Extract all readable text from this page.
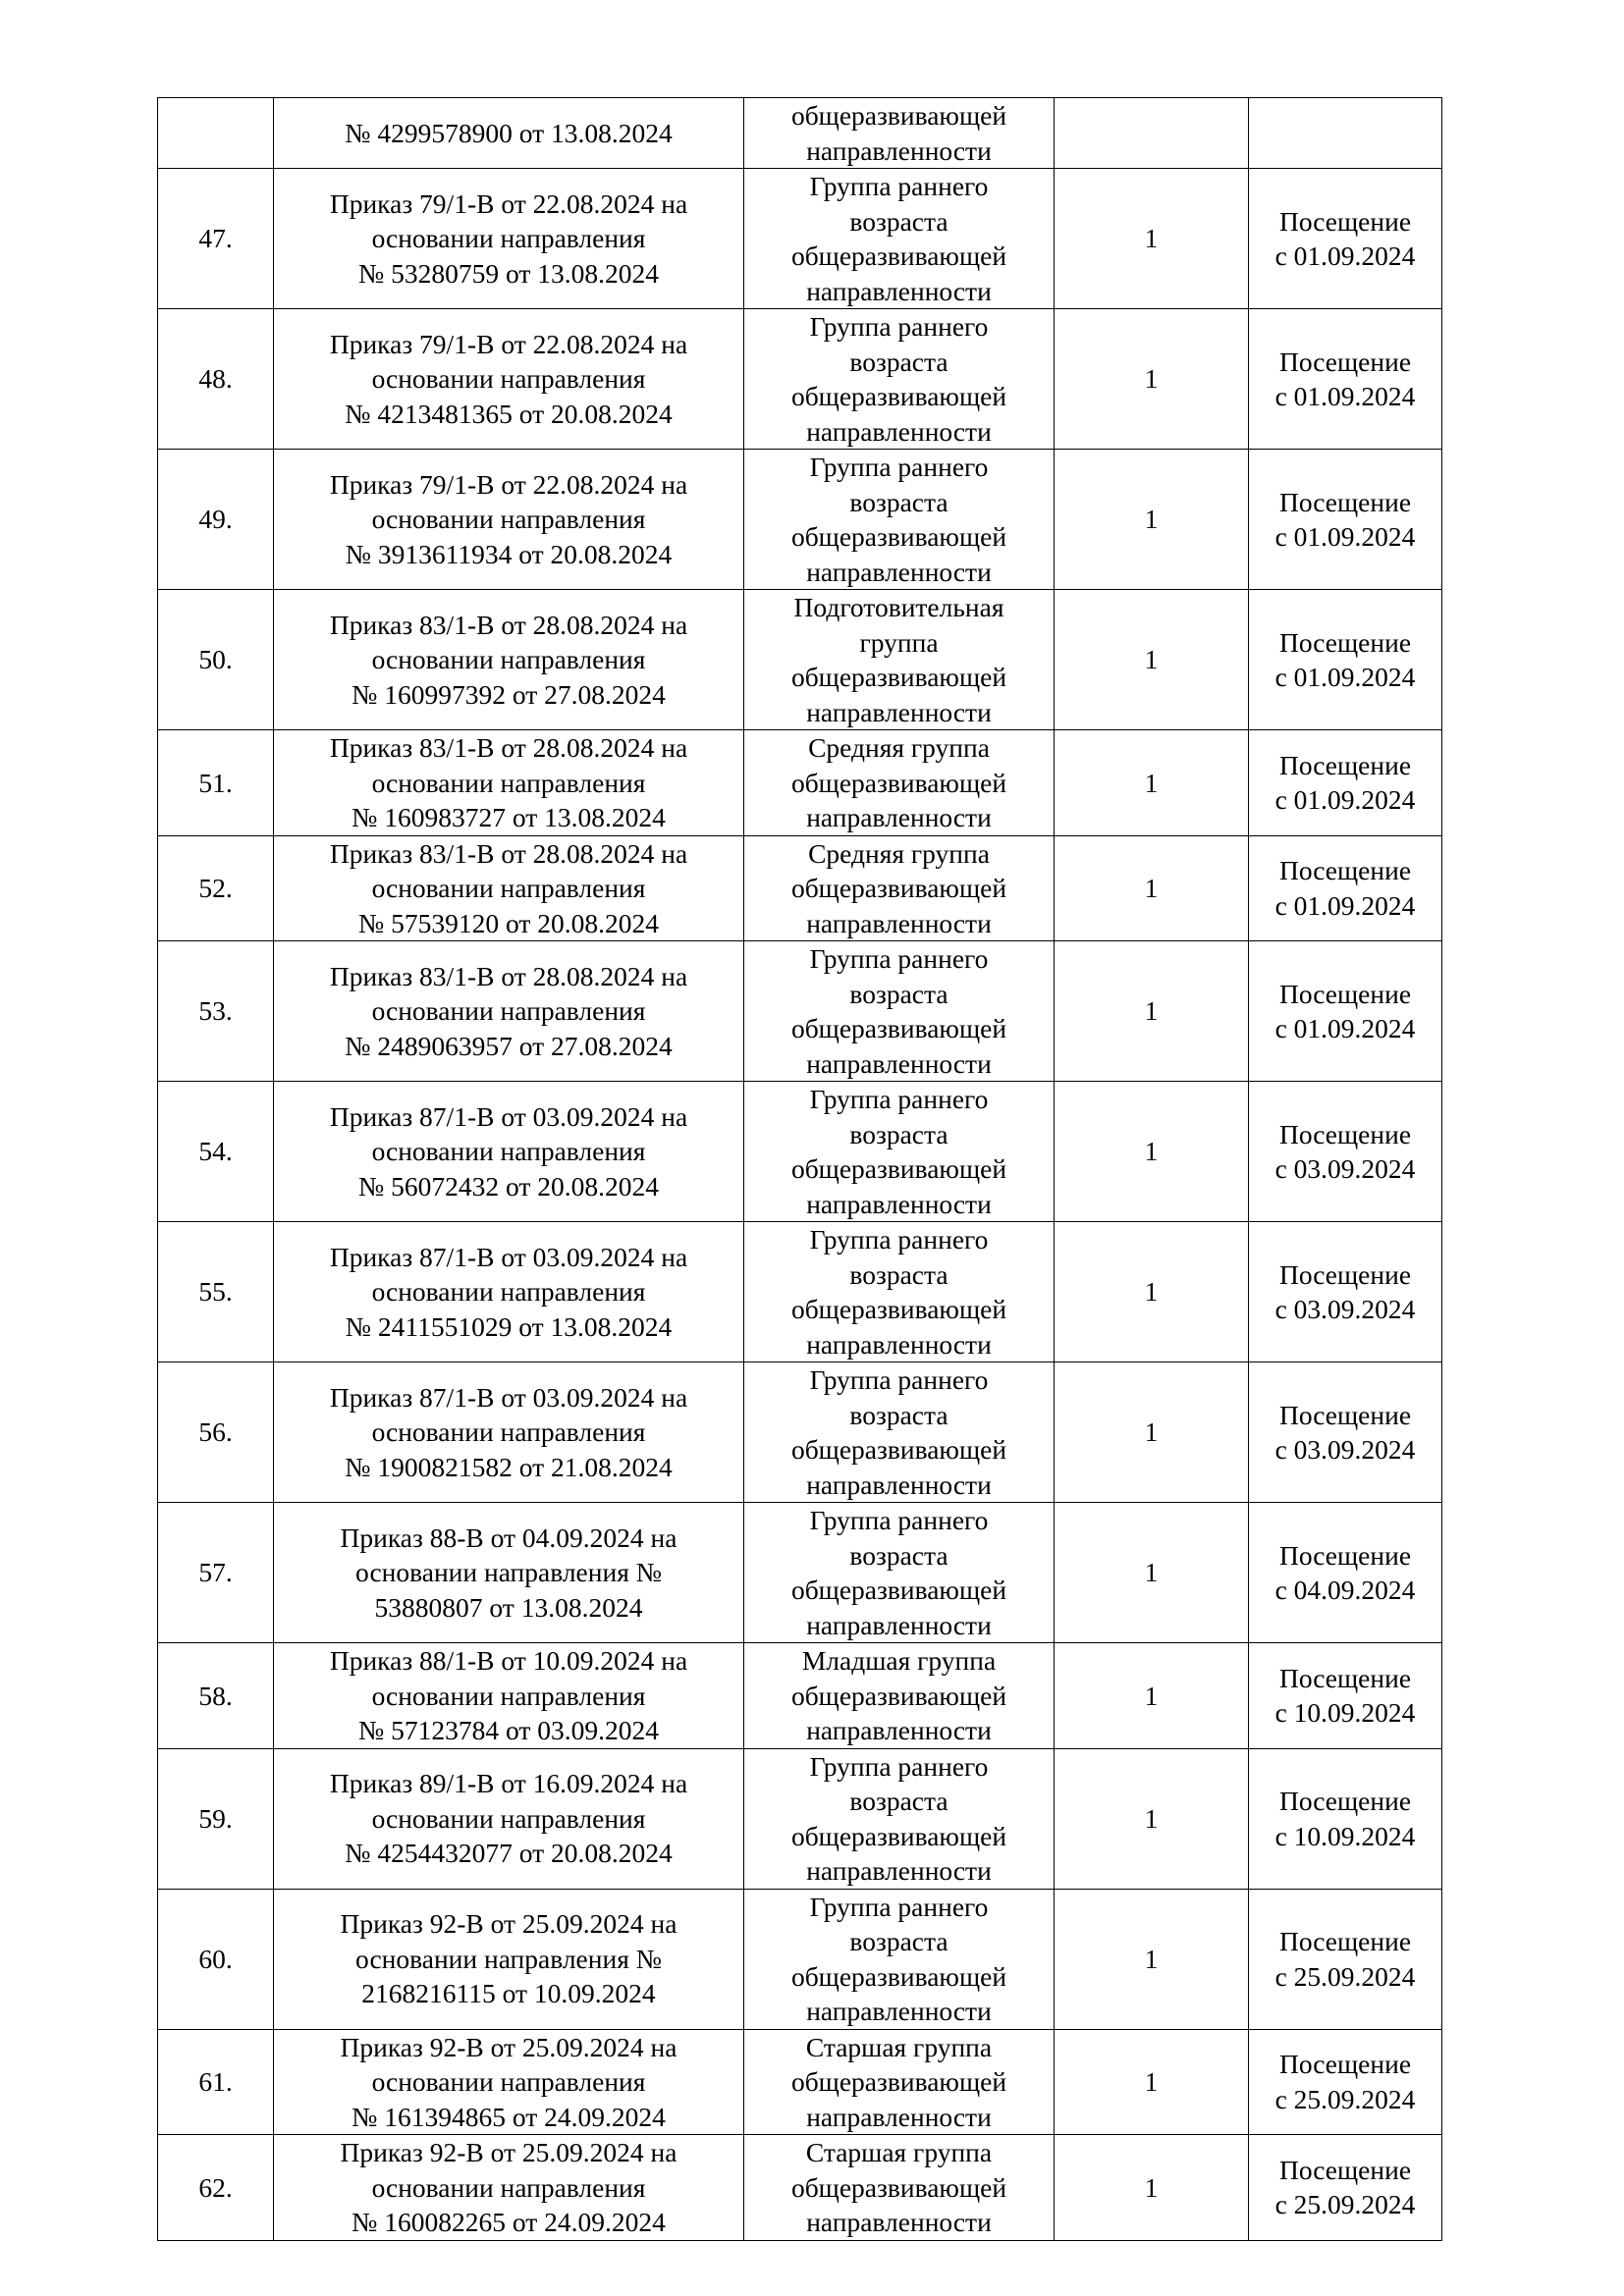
	№ 4299578900 от 13.08.2024	общеразвивающей
направленности		

47.	Приказ 79/1-В от 22.08.2024 на
основании направления
№ 53280759 от 13.08.2024	Группа раннего
возраста
общеразвивающей
направленности	1	Посещение
с 01.09.2024

48.	Приказ 79/1-В от 22.08.2024 на
основании направления
№ 4213481365 от 20.08.2024	Группа раннего
возраста
общеразвивающей
направленности	1	Посещение
с 01.09.2024

49.	Приказ 79/1-В от 22.08.2024 на
основании направления
№ 3913611934 от 20.08.2024	Группа раннего
возраста
общеразвивающей
направленности	1	Посещение
с 01.09.2024

50.	Приказ 83/1-В от 28.08.2024 на
основании направления
№ 160997392 от 27.08.2024	Подготовительная
группа
общеразвивающей
направленности	1	Посещение
с 01.09.2024

51.	Приказ 83/1-В от 28.08.2024 на
основании направления
№ 160983727 от 13.08.2024	Средняя группа
общеразвивающей
направленности	1	Посещение
с 01.09.2024

52.	Приказ 83/1-В от 28.08.2024 на
основании направления
№ 57539120 от 20.08.2024	Средняя группа
общеразвивающей
направленности	1	Посещение
с 01.09.2024

53.	Приказ 83/1-В от 28.08.2024 на
основании направления
№ 2489063957 от 27.08.2024	Группа раннего
возраста
общеразвивающей
направленности	1	Посещение
с 01.09.2024

54.	Приказ 87/1-В от 03.09.2024 на
основании направления
№ 56072432 от 20.08.2024	Группа раннего
возраста
общеразвивающей
направленности	1	Посещение
с 03.09.2024

55.	Приказ 87/1-В от 03.09.2024 на
основании направления
№ 2411551029 от 13.08.2024	Группа раннего
возраста
общеразвивающей
направленности	1	Посещение
с 03.09.2024

56.	Приказ 87/1-В от 03.09.2024 на
основании направления
№ 1900821582 от 21.08.2024	Группа раннего
возраста
общеразвивающей
направленности	1	Посещение
с 03.09.2024

57.	Приказ 88-В от 04.09.2024 на
основании направления №
53880807 от 13.08.2024	Группа раннего
возраста
общеразвивающей
направленности	1	Посещение
с 04.09.2024

58.	Приказ 88/1-В от 10.09.2024 на
основании направления
№ 57123784 от 03.09.2024	Младшая группа
общеразвивающей
направленности	1	Посещение
с 10.09.2024

59.	Приказ 89/1-В от 16.09.2024 на
основании направления
№ 4254432077 от 20.08.2024	Группа раннего
возраста
общеразвивающей
направленности	1	Посещение
с 10.09.2024

60.	Приказ 92-В от 25.09.2024 на
основании направления №
2168216115 от 10.09.2024	Группа раннего
возраста
общеразвивающей
направленности	1	Посещение
с 25.09.2024

61.	Приказ 92-В от 25.09.2024 на
основании направления
№ 161394865 от 24.09.2024	Старшая группа
общеразвивающей
направленности	1	Посещение
с 25.09.2024

62.	Приказ 92-В от 25.09.2024 на
основании направления
№ 160082265 от 24.09.2024	Старшая группа
общеразвивающей
направленности	1	Посещение
с 25.09.2024
